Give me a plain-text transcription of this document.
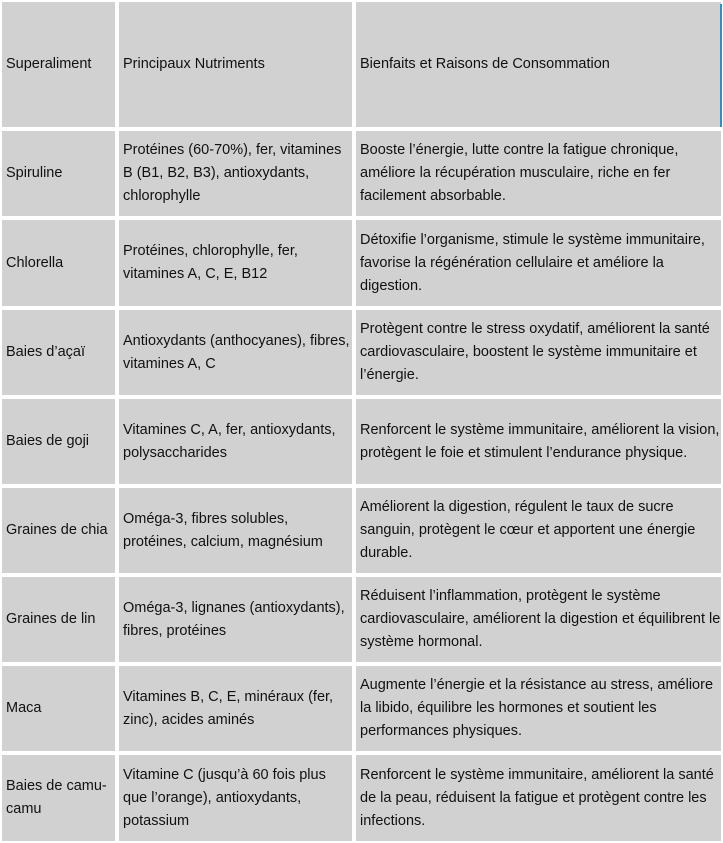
Superaliment	Principaux Nutriments	Bienfaits et Raisons de Consommation
Spiruline
Protéines (60-70%), fer, vitamines B (B1, B2, B3), antioxydants, chlorophylle
Booste l’énergie, lutte contre la fatigue chronique, améliore la récupération musculaire, riche en fer facilement absorbable.
Chlorella
Protéines, chlorophylle, fer, vitamines A, C, E, B12
Détoxifie l’organisme, stimule le système immunitaire, favorise la régénération cellulaire et améliore la digestion.
Baies d’açaï
Antioxydants (anthocyanes), fibres, vitamines A, C
Protègent contre le stress oxydatif, améliorent la santé cardiovasculaire, boostent le système immunitaire et l’énergie.
Baies de goji
Vitamines C, A, fer, antioxydants, polysaccharides
Renforcent le système immunitaire, améliorent la vision, protègent le foie et stimulent l’endurance physique.
Graines de chia
Oméga-3, fibres solubles, protéines, calcium, magnésium
Améliorent la digestion, régulent le taux de sucre sanguin, protègent le cœur et apportent une énergie durable.
Graines de lin
Oméga-3, lignanes (antioxydants), fibres, protéines
Réduisent l’inflammation, protègent le système cardiovasculaire, améliorent la digestion et équilibrent le système hormonal.
Maca
Vitamines B, C, E, minéraux (fer, zinc), acides aminés
Augmente l’énergie et la résistance au stress, améliore la libido, équilibre les hormones et soutient les performances physiques.
Baies de camu-camu
Vitamine C (jusqu’à 60 fois plus que l’orange), antioxydants, potassium
Renforcent le système immunitaire, améliorent la santé de la peau, réduisent la fatigue et protègent contre les infections.
